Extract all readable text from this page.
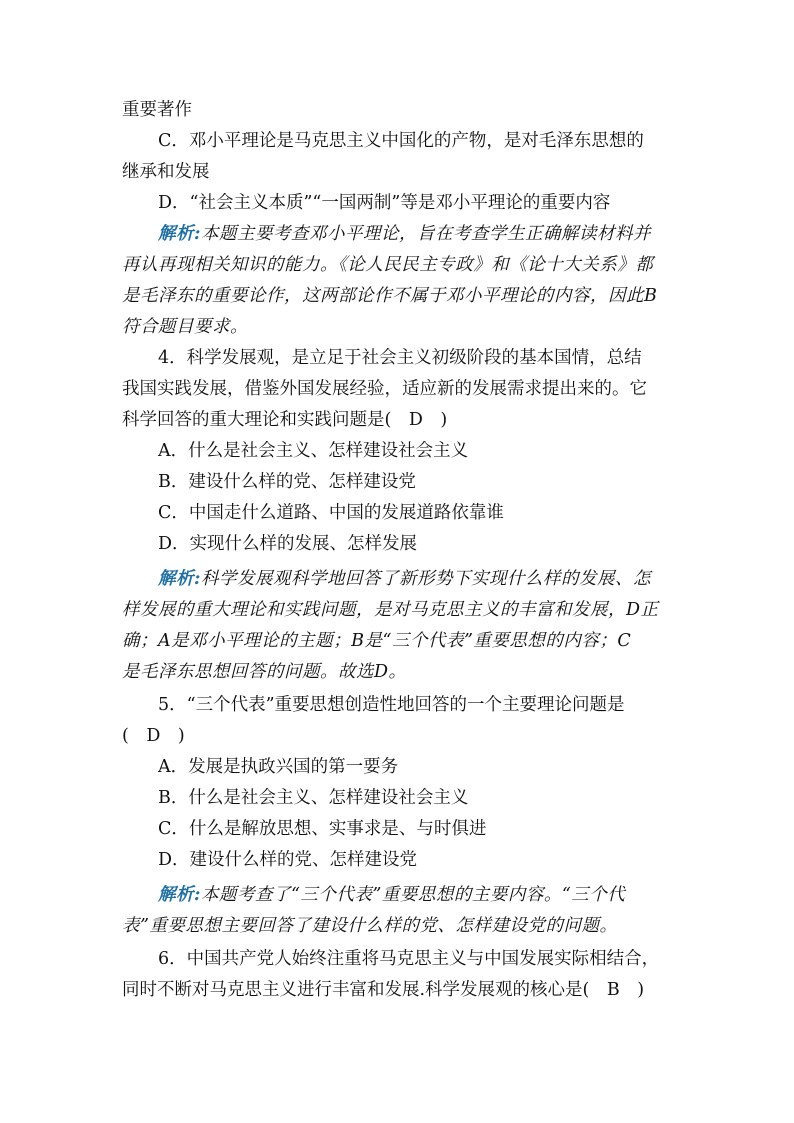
重要著作
C．邓小平理论是马克思主义中国化的产物，是对毛泽东思想的
继承和发展
D．“社会主义本质”“一国两制”等是邓小平理论的重要内容
解析:本题主要考查邓小平理论，旨在考查学生正确解读材料并
再认再现相关知识的能力。《论人民民主专政》和《论十大关系》都
是毛泽东的重要论作，这两部论作不属于邓小平理论的内容，因此B
符合题目要求。
4．科学发展观，是立足于社会主义初级阶段的基本国情，总结
我国实践发展，借鉴外国发展经验，适应新的发展需求提出来的。它
科学回答的重大理论和实践问题是(　D　)
A．什么是社会主义、怎样建设社会主义
B．建设什么样的党、怎样建设党
C．中国走什么道路、中国的发展道路依靠谁
D．实现什么样的发展、怎样发展
解析:科学发展观科学地回答了新形势下实现什么样的发展、怎
样发展的重大理论和实践问题，是对马克思主义的丰富和发展，D正
确；A是邓小平理论的主题；B是“三个代表”重要思想的内容；C
是毛泽东思想回答的问题。故选D。
5．“三个代表”重要思想创造性地回答的一个主要理论问题是
(　D　)
A．发展是执政兴国的第一要务
B．什么是社会主义、怎样建设社会主义
C．什么是解放思想、实事求是、与时俱进
D．建设什么样的党、怎样建设党
解析:本题考查了“三个代表”重要思想的主要内容。“三个代
表”重要思想主要回答了建设什么样的党、怎样建设党的问题。
6．中国共产党人始终注重将马克思主义与中国发展实际相结合，
同时不断对马克思主义进行丰富和发展.科学发展观的核心是(　B　)
